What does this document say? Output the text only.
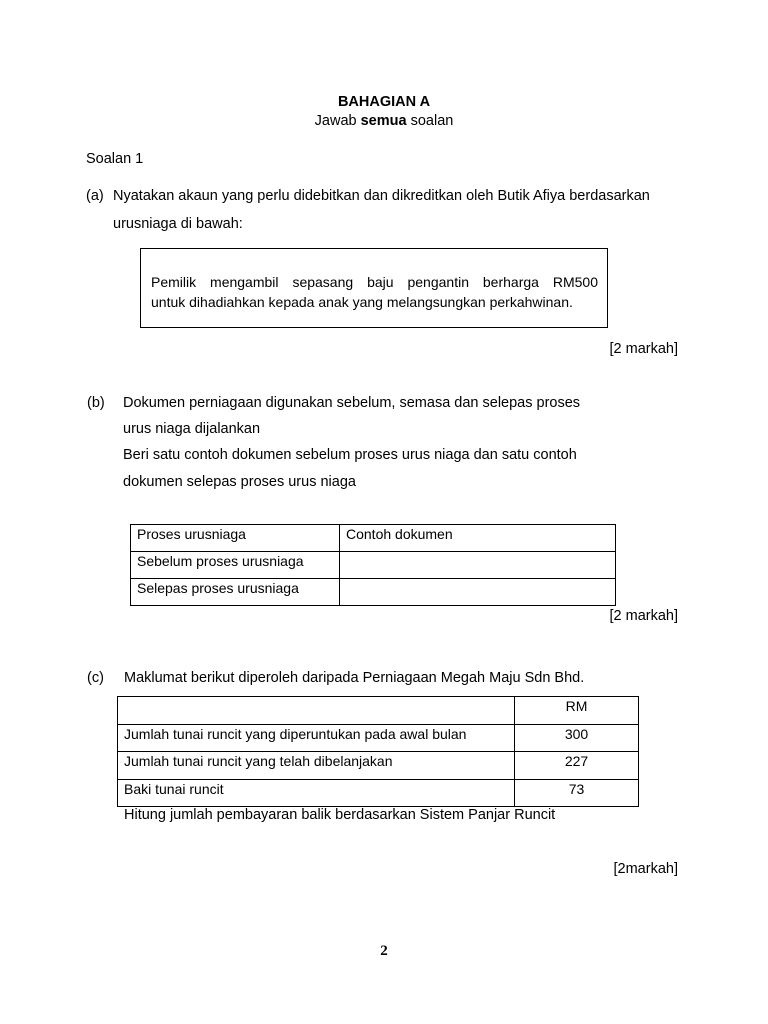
BAHAGIAN A
Jawab semua soalan
Soalan 1
(a) Nyatakan akaun yang perlu didebitkan dan dikreditkan oleh Butik Afiya berdasarkan
urusniaga di bawah:

Pemilik mengambil sepasang baju pengantin berharga RM500

untuk dihadiahkan kepada anak yang melangsungkan perkahwinan.

[2 markah]
(b) Dokumen perniagaan digunakan sebelum, semasa dan selepas proses
urus niaga dijalankan
Beri satu contoh dokumen sebelum proses urus niaga dan satu contoh
dokumen selepas proses urus niaga
Proses urusniaga	Contoh dokumen
Sebelum proses urusniaga	
Selepas proses urusniaga	
[2 markah]
(c) Maklumat berikut diperoleh daripada Perniagaan Megah Maju Sdn Bhd.
	RM
Jumlah tunai runcit yang diperuntukan pada awal bulan	300
Jumlah tunai runcit yang telah dibelanjakan	227
Baki tunai runcit	73
Hitung jumlah pembayaran balik berdasarkan Sistem Panjar Runcit
[2markah]
2
